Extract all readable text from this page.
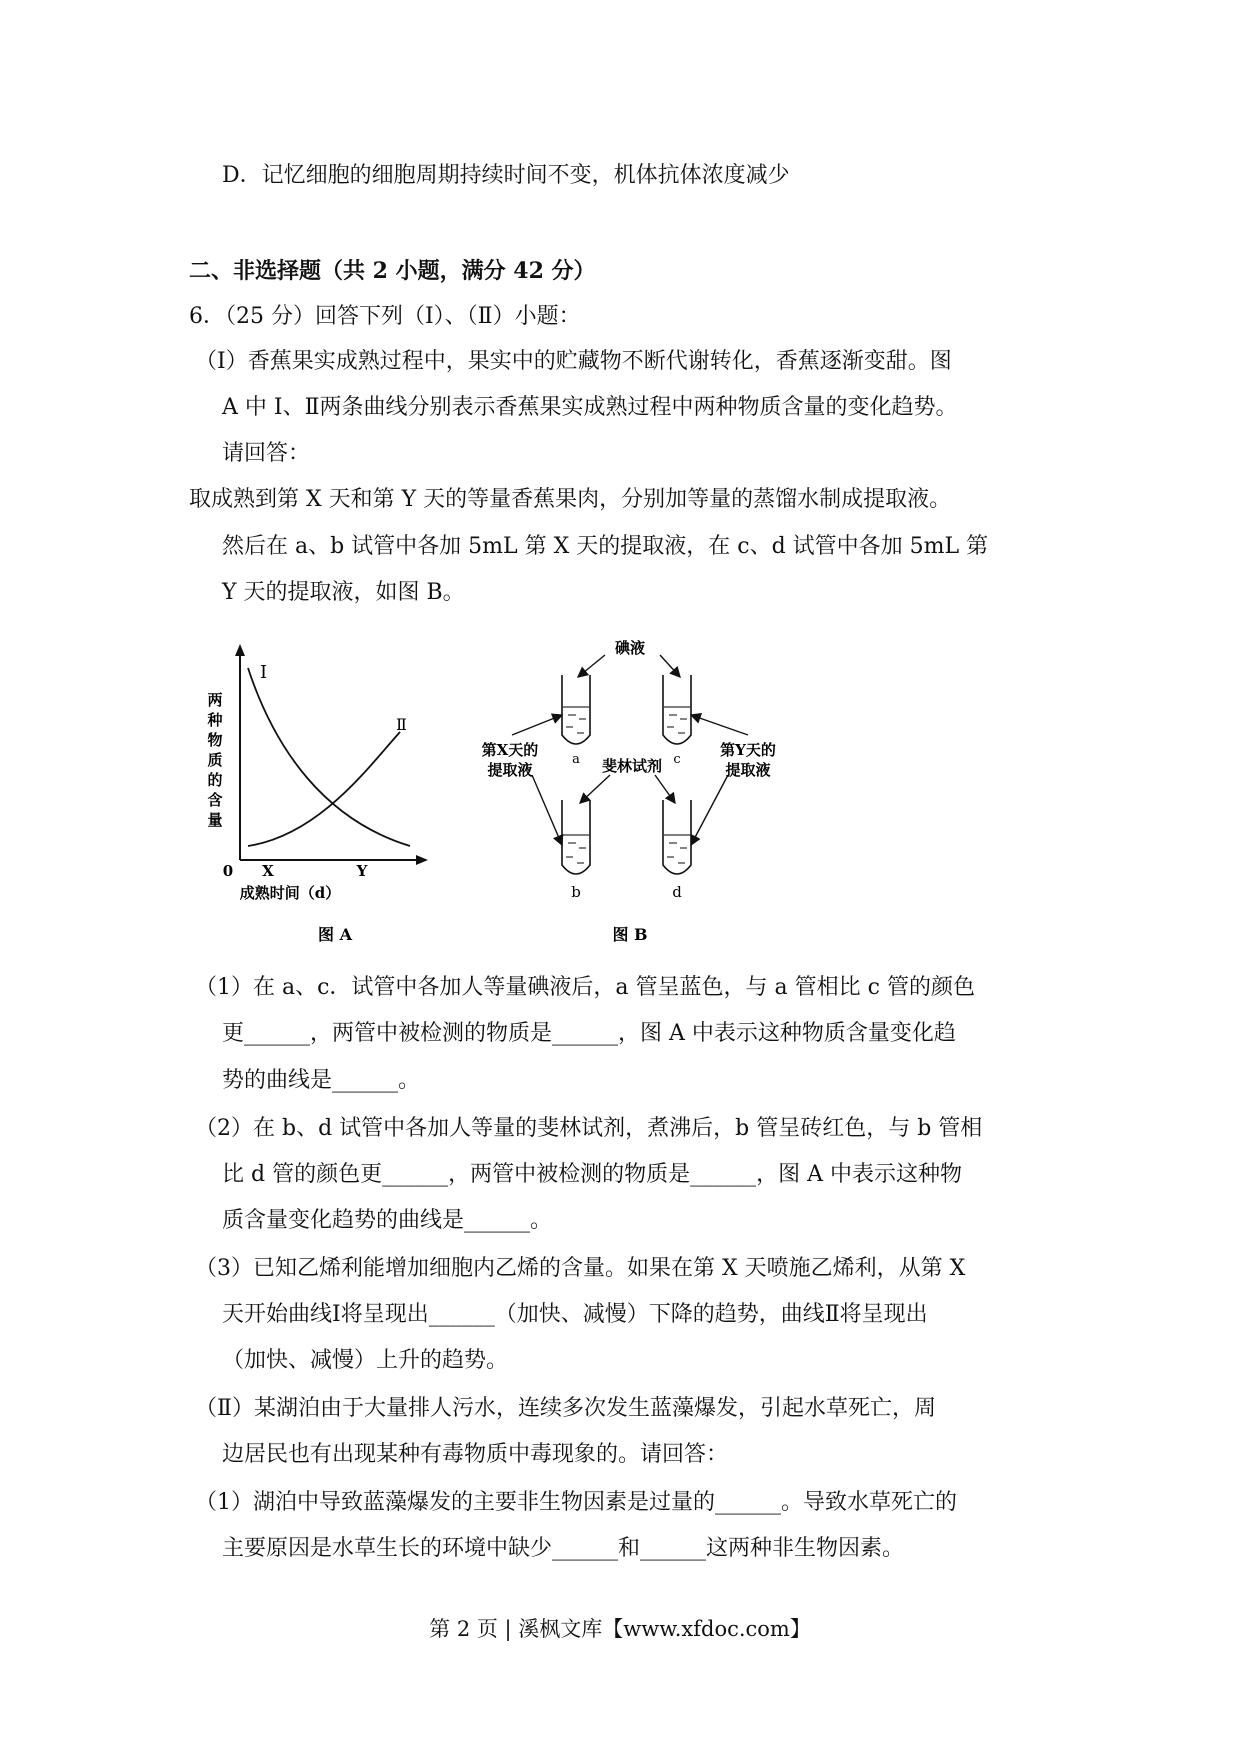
D．记忆细胞的细胞周期持续时间不变，机体抗体浓度减少
二、非选择题（共 2 小题，满分 42 分）
6．（25 分）回答下列（I）、（Ⅱ）小题：
（I）香蕉果实成熟过程中，果实中的贮藏物不断代谢转化，香蕉逐渐变甜。图
A 中 I、Ⅱ两条曲线分别表示香蕉果实成熟过程中两种物质含量的变化趋势。
请回答：
取成熟到第 X 天和第 Y 天的等量香蕉果肉，分别加等量的蒸馏水制成提取液。
然后在 a、b 试管中各加 5mL 第 X 天的提取液，在 c、d 试管中各加 5mL 第
Y 天的提取液，如图 B。
I
Ⅱ
两
种
物
质
的
含
量
0 X	Y
成熟时间（d）
图 A
碘液
斐林试剂
第X天的
提取液
第Y天的
提取液
a	c
b	d
图 B
（1）在 a、c．试管中各加人等量碘液后，a 管呈蓝色，与 a 管相比 c 管的颜色
更______，两管中被检测的物质是______，图 A 中表示这种物质含量变化趋
势的曲线是______。
（2）在 b、d 试管中各加人等量的斐林试剂，煮沸后，b 管呈砖红色，与 b 管相
比 d 管的颜色更______，两管中被检测的物质是______，图 A 中表示这种物
质含量变化趋势的曲线是______。
（3）已知乙烯利能增加细胞内乙烯的含量。如果在第 X 天喷施乙烯利，从第 X
天开始曲线Ⅰ将呈现出______（加快、减慢）下降的趋势，曲线Ⅱ将呈现出
（加快、减慢）上升的趋势。
（Ⅱ）某湖泊由于大量排人污水，连续多次发生蓝藻爆发，引起水草死亡，周
边居民也有出现某种有毒物质中毒现象的。请回答：
（1）湖泊中导致蓝藻爆发的主要非生物因素是过量的______。导致水草死亡的
主要原因是水草生长的环境中缺少______和______这两种非生物因素。
第 2 页 | 溪枫文库【www.xfdoc.com】
